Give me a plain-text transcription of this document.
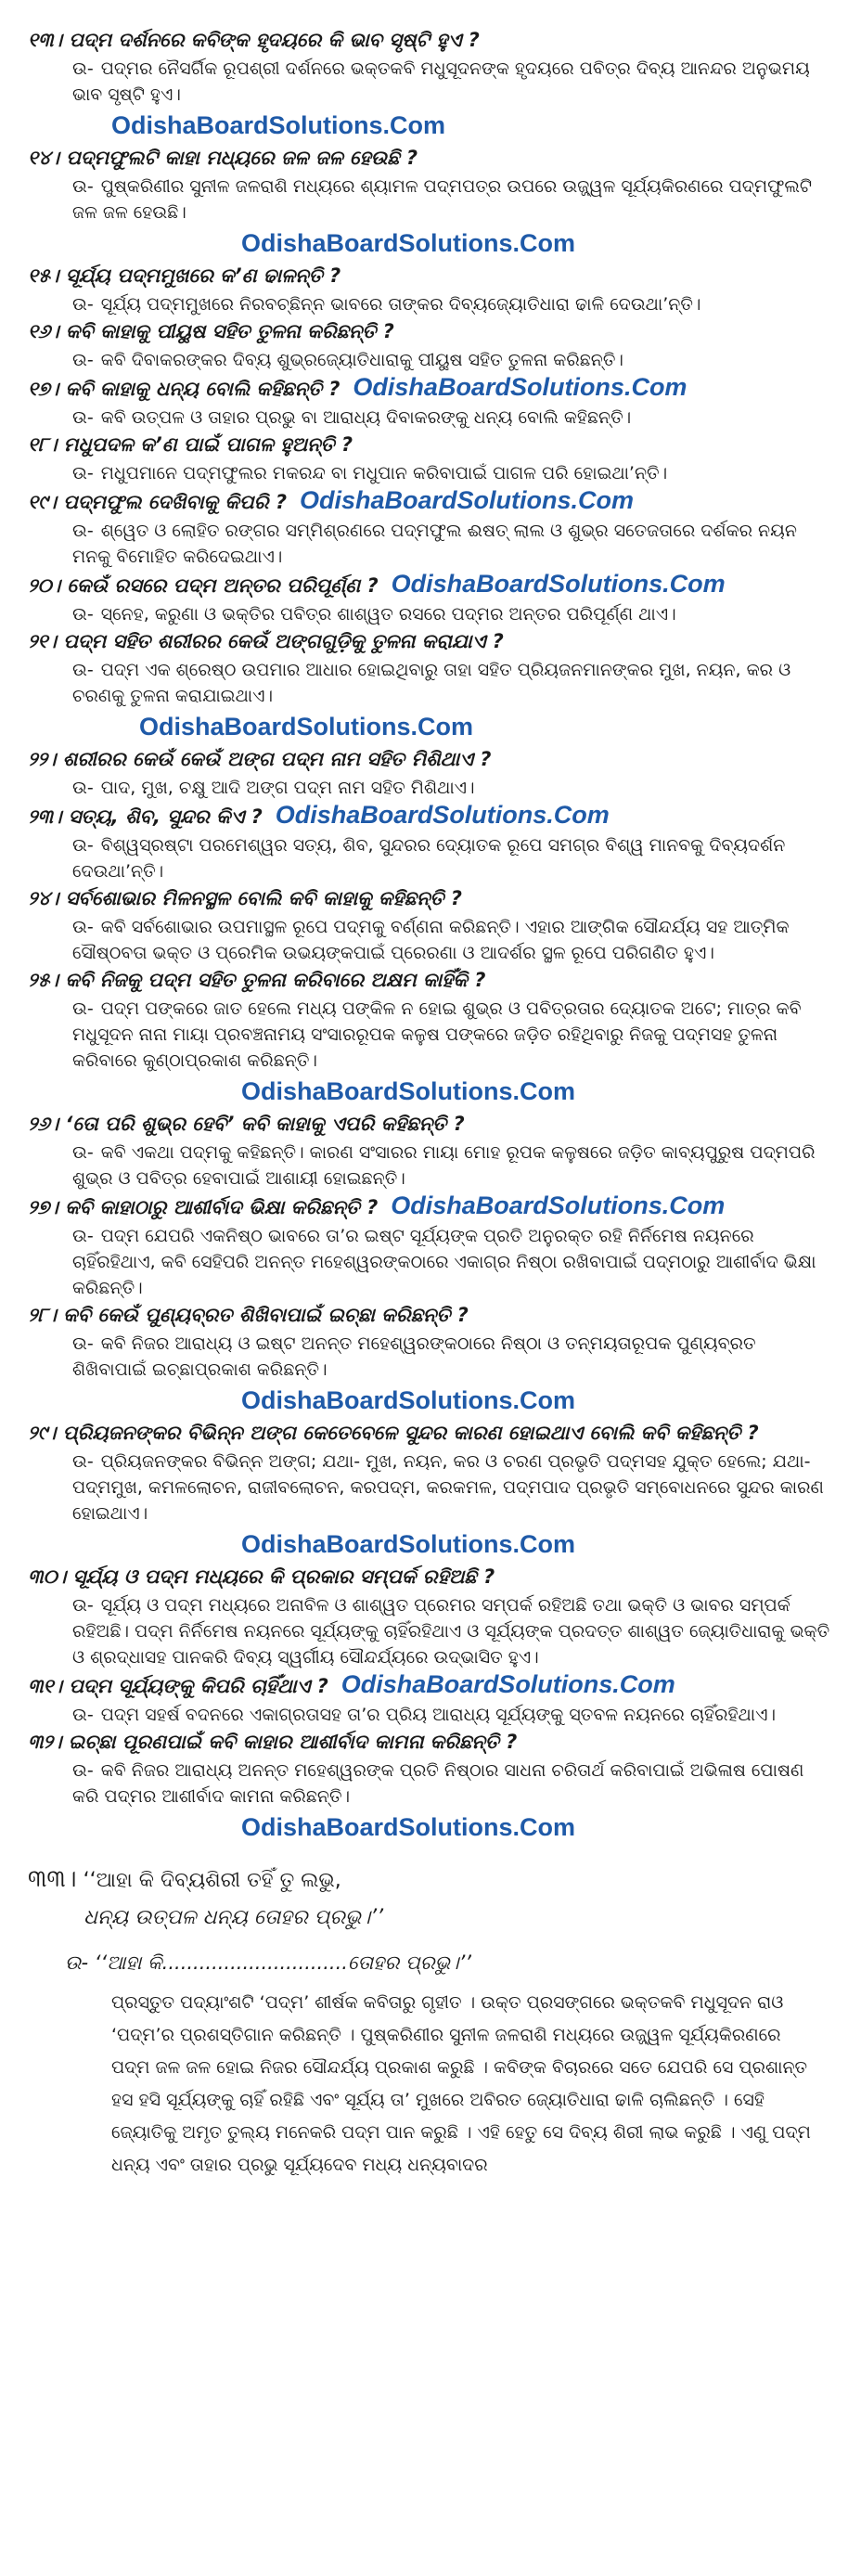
୧୩। ପଦ୍ମ ଦର୍ଶନରେ କବିଙ୍କ ହୃଦୟରେ କି ଭାବ ସୃଷ୍ଟି ହୁଏ ?
ଉ- ପଦ୍ମର ନୈସର୍ଗିକ ରୂପଶ୍ରୀ ଦର୍ଶନରେ ଭକ୍ତକବି ମଧୁସୂଦନଙ୍କ ହୃଦୟରେ ପବିତ୍ର ଦିବ୍ୟ ଆନନ୍ଦର ଅନୁଭମୟ ଭାବ ସୃଷ୍ଟି ହୁଏ।
OdishaBoardSolutions.Com
୧୪। ପଦ୍ମଫୁଲଟି କାହା ମଧ୍ୟରେ ଜଳ ଜଳ ହେଉଛି ?
ଉ- ପୁଷ୍କରିଣୀର ସୁନୀଳ ଜଳରାଶି ମଧ୍ୟରେ ଶ୍ୟାମଳ ପଦ୍ମପତ୍ର ଉପରେ ଉଜ୍ଜ୍ୱଳ ସୂର୍ଯ୍ୟକିରଣରେ ପଦ୍ମଫୁଲଟି ଜଳ ଜଳ ହେଉଛି।
OdishaBoardSolutions.Com
୧୫। ସୂର୍ଯ୍ୟ ପଦ୍ମମୁଖରେ କ’ଣ ଢାଳନ୍ତି ?
ଉ- ସୂର୍ଯ୍ୟ ପଦ୍ମମୁଖରେ ନିରବଚ୍ଛିନ୍ନ ଭାବରେ ତାଙ୍କର ଦିବ୍ୟଜ୍ୟୋତିଧାରା ଢାଳି ଦେଉଥା’ନ୍ତି।
୧୬। କବି କାହାକୁ ପୀୟୁଷ ସହିତ ତୁଳନା କରିଛନ୍ତି ?
ଉ- କବି ଦିବାକରଙ୍କର ଦିବ୍ୟ ଶୁଭ୍ରଜ୍ୟୋତିଧାରାକୁ ପୀୟୁଷ ସହିତ ତୁଳନା କରିଛନ୍ତି।
୧୭। କବି କାହାକୁ ଧନ୍ୟ ବୋଲି କହିଛନ୍ତି ? OdishaBoardSolutions.Com
ଉ- କବି ଉତ୍ପଳ ଓ ତାହାର ପ୍ରଭୁ ବା ଆରାଧ୍ୟ ଦିବାକରଙ୍କୁ ଧନ୍ୟ ବୋଲି କହିଛନ୍ତି।
୧୮। ମଧୁପଦଳ କ’ଣ ପାଇଁ ପାଗଳ ହୁଅନ୍ତି ?
ଉ- ମଧୁପମାନେ ପଦ୍ମଫୁଲର ମକରନ୍ଦ ବା ମଧୁପାନ କରିବାପାଇଁ ପାଗଳ ପରି ହୋଇଥା’ନ୍ତି।
୧୯। ପଦ୍ମଫୁଲ ଦେଖିବାକୁ କିପରି ? OdishaBoardSolutions.Com
ଉ- ଶ୍ୱେତ ଓ ଲୋହିତ ରଙ୍ଗର ସମ୍ମିଶ୍ରଣରେ ପଦ୍ମଫୁଲ ଈଷତ୍ ଲାଲ ଓ ଶୁଭ୍ର ସତେଜତାରେ ଦର୍ଶକର ନୟନ ମନକୁ ବିମୋହିତ କରିଦେଇଥାଏ।
୨୦। କେଉଁ ରସରେ ପଦ୍ମ ଅନ୍ତର ପରିପୂର୍ଣ୍ଣ ? OdishaBoardSolutions.Com
ଉ- ସ୍ନେହ, କରୁଣା ଓ ଭକ୍ତିର ପବିତ୍ର ଶାଶ୍ୱତ ରସରେ ପଦ୍ମର ଅନ୍ତର ପରିପୂର୍ଣ୍ଣ ଥାଏ।
୨୧। ପଦ୍ମ ସହିତ ଶରୀରର କେଉଁ ଅଙ୍ଗଗୁଡ଼ିକୁ ତୁଳନା କରାଯାଏ ?
ଉ- ପଦ୍ମ ଏକ ଶ୍ରେଷ୍ଠ ଉପମାର ଆଧାର ହୋଇଥିବାରୁ ତାହା ସହିତ ପ୍ରିୟଜନମାନଙ୍କର ମୁଖ, ନୟନ, କର ଓ ଚରଣକୁ ତୁଳନା କରାଯାଇଥାଏ।
OdishaBoardSolutions.Com
୨୨। ଶରୀରର କେଉଁ କେଉଁ ଅଙ୍ଗ ପଦ୍ମ ନାମ ସହିତ ମିଶିଥାଏ ?
ଉ- ପାଦ, ମୁଖ, ଚକ୍ଷୁ ଆଦି ଅଙ୍ଗ ପଦ୍ମ ନାମ ସହିତ ମିଶିଥାଏ।
୨୩। ସତ୍ୟ, ଶିବ, ସୁନ୍ଦର କିଏ ? OdishaBoardSolutions.Com
ଉ- ବିଶ୍ୱସ୍ରଷ୍ଟା ପରମେଶ୍ୱର ସତ୍ୟ, ଶିବ, ସୁନ୍ଦରର ଦ୍ୟୋତକ ରୂପେ ସମଗ୍ର ବିଶ୍ୱ ମାନବକୁ ଦିବ୍ୟଦର୍ଶନ ଦେଉଥା’ନ୍ତି।
୨୪। ସର୍ବଶୋଭାର ମିଳନସ୍ଥଳ ବୋଲି କବି କାହାକୁ କହିଛନ୍ତି ?
ଉ- କବି ସର୍ବଶୋଭାର ଉପମାସ୍ଥଳ ରୂପେ ପଦ୍ମକୁ ବର୍ଣ୍ଣନା କରିଛନ୍ତି। ଏହାର ଆଙ୍ଗିକ ସୌନ୍ଦର୍ଯ୍ୟ ସହ ଆତ୍ମିକ ସୌଷ୍ଠବତା ଭକ୍ତ ଓ ପ୍ରେମିକ ଉଭୟଙ୍କପାଇଁ ପ୍ରେରଣା ଓ ଆଦର୍ଶର ସ୍ଥଳ ରୂପେ ପରିଗଣିତ ହୁଏ।
୨୫। କବି ନିଜକୁ ପଦ୍ମ ସହିତ ତୁଳନା କରିବାରେ ଅକ୍ଷମ କାହିଁକି ?
ଉ- ପଦ୍ମ ପଙ୍କରେ ଜାତ ହେଲେ ମଧ୍ୟ ପଙ୍କିଳ ନ ହୋଇ ଶୁଭ୍ର ଓ ପବିତ୍ରତାର ଦ୍ୟୋତକ ଅଟେ; ମାତ୍ର କବି ମଧୁସୂଦନ ନାନା ମାୟା ପ୍ରବଞ୍ଚନାମୟ ସଂସାରରୂପକ କଳୁଷ ପଙ୍କରେ ଜଡ଼ିତ ରହିଥିବାରୁ ନିଜକୁ ପଦ୍ମସହ ତୁଳନା କରିବାରେ କୁଣ୍ଠାପ୍ରକାଶ କରିଛନ୍ତି।
OdishaBoardSolutions.Com
୨୬। ‘ତୋ ପରି ଶୁଭ୍ର ହେବି’ କବି କାହାକୁ ଏପରି କହିଛନ୍ତି ?
ଉ- କବି ଏକଥା ପଦ୍ମକୁ କହିଛନ୍ତି। କାରଣ ସଂସାରର ମାୟା ମୋହ ରୂପକ କଳୁଷରେ ଜଡ଼ିତ କାବ୍ୟପୁରୁଷ ପଦ୍ମପରି ଶୁଭ୍ର ଓ ପବିତ୍ର ହେବାପାଇଁ ଆଶାୟୀ ହୋଇଛନ୍ତି।
୨୭। କବି କାହାଠାରୁ ଆଶୀର୍ବାଦ ଭିକ୍ଷା କରିଛନ୍ତି ? OdishaBoardSolutions.Com
ଉ- ପଦ୍ମ ଯେପରି ଏକନିଷ୍ଠ ଭାବରେ ତା’ର ଇଷ୍ଟ ସୂର୍ଯ୍ୟଙ୍କ ପ୍ରତି ଅନୁରକ୍ତ ରହି ନିର୍ନିମେଷ ନୟନରେ ଚାହିଁରହିଥାଏ, କବି ସେହିପରି ଅନନ୍ତ ମହେଶ୍ୱରଙ୍କଠାରେ ଏକାଗ୍ର ନିଷ୍ଠା ରଖିବାପାଇଁ ପଦ୍ମଠାରୁ ଆଶୀର୍ବାଦ ଭିକ୍ଷା କରିଛନ୍ତି।
୨୮। କବି କେଉଁ ପୁଣ୍ୟବ୍ରତ ଶିଖିବାପାଇଁ ଇଚ୍ଛା କରିଛନ୍ତି ?
ଉ- କବି ନିଜର ଆରାଧ୍ୟ ଓ ଇଷ୍ଟ ଅନନ୍ତ ମହେଶ୍ୱରଙ୍କଠାରେ ନିଷ୍ଠା ଓ ତନ୍ମୟତାରୂପକ ପୁଣ୍ୟବ୍ରତ ଶିଖିବାପାଇଁ ଇଚ୍ଛାପ୍ରକାଶ କରିଛନ୍ତି।
OdishaBoardSolutions.Com
୨୯। ପ୍ରିୟଜନଙ୍କର ବିଭିନ୍ନ ଅଙ୍ଗ କେତେବେଳେ ସୁନ୍ଦର କାରଣ ହୋଇଥାଏ ବୋଲି କବି କହିଛନ୍ତି ?
ଉ- ପ୍ରିୟଜନଙ୍କର ବିଭିନ୍ନ ଅଙ୍ଗ; ଯଥା- ମୁଖ, ନୟନ, କର ଓ ଚରଣ ପ୍ରଭୃତି ପଦ୍ମସହ ଯୁକ୍ତ ହେଲେ; ଯଥା- ପଦ୍ମମୁଖ, କମଳଲୋଚନ, ରାଜୀବଲୋଚନ, କରପଦ୍ମ, କରକମଳ, ପଦ୍ମପାଦ ପ୍ରଭୃତି ସମ୍ବୋଧନରେ ସୁନ୍ଦର କାରଣ ହୋଇଥାଏ।
OdishaBoardSolutions.Com
୩୦। ସୂର୍ଯ୍ୟ ଓ ପଦ୍ମ ମଧ୍ୟରେ କି ପ୍ରକାର ସମ୍ପର୍କ ରହିଅଛି ?
ଉ- ସୂର୍ଯ୍ୟ ଓ ପଦ୍ମ ମଧ୍ୟରେ ଅନାବିଳ ଓ ଶାଶ୍ୱତ ପ୍ରେମର ସମ୍ପର୍କ ରହିଅଛି ତଥା ଭକ୍ତି ଓ ଭାବର ସମ୍ପର୍କ ରହିଅଛି। ପଦ୍ମ ନିର୍ନିମେଷ ନୟନରେ ସୂର୍ଯ୍ୟଙ୍କୁ ଚାହିଁରହିଥାଏ ଓ ସୂର୍ଯ୍ୟଙ୍କ ପ୍ରଦତ୍ତ ଶାଶ୍ୱତ ଜ୍ୟୋତିଧାରାକୁ ଭକ୍ତି ଓ ଶ୍ରଦ୍ଧାସହ ପାନକରି ଦିବ୍ୟ ସ୍ୱର୍ଗୀୟ ସୌନ୍ଦର୍ଯ୍ୟରେ ଉଦ୍ଭାସିତ ହୁଏ।
୩୧। ପଦ୍ମ ସୂର୍ଯ୍ୟଙ୍କୁ କିପରି ଚାହିଁଥାଏ ? OdishaBoardSolutions.Com
ଉ- ପଦ୍ମ ସହର୍ଷ ବଦନରେ ଏକାଗ୍ରତାସହ ତା’ର ପ୍ରିୟ ଆରାଧ୍ୟ ସୂର୍ଯ୍ୟଙ୍କୁ ସ୍ତବଳ ନୟନରେ ଚାହିଁରହିଥାଏ।
୩୨। ଇଚ୍ଛା ପୂରଣପାଇଁ କବି କାହାର ଆଶୀର୍ବାଦ କାମନା କରିଛନ୍ତି ?
ଉ- କବି ନିଜର ଆରାଧ୍ୟ ଅନନ୍ତ ମହେଶ୍ୱରଙ୍କ ପ୍ରତି ନିଷ୍ଠାର ସାଧନା ଚରିତାର୍ଥ କରିବାପାଇଁ ଅଭିଳାଷ ପୋଷଣ କରି ପଦ୍ମର ଆଶୀର୍ବାଦ କାମନା କରିଛନ୍ତି।
OdishaBoardSolutions.Com
୩୩। ‘‘ଆହା କି ଦିବ୍ୟଶିରୀ ତହିଁ ତୁ ଲଭୁ,
ଧନ୍ୟ ଉତ୍ପଳ ଧନ୍ୟ ତୋହର ପ୍ରଭୁ।’’
ଉ- ‘‘ଆହା କି..............................ତୋହର ପ୍ରଭୁ।’’
ପ୍ରସ୍ତୁତ ପଦ୍ୟାଂଶଟି ‘ପଦ୍ମ’ ଶୀର୍ଷକ କବିତାରୁ ଗୃହୀତ । ଉକ୍ତ ପ୍ରସଙ୍ଗରେ ଭକ୍ତକବି ମଧୁସୂଦନ ରାଓ ‘ପଦ୍ମ’ର ପ୍ରଶସ୍ତିଗାନ କରିଛନ୍ତି । ପୁଷ୍କରିଣୀର ସୁନୀଳ ଜଳରାଶି ମଧ୍ୟରେ ଉଜ୍ଜ୍ୱଳ ସୂର୍ଯ୍ୟକିରଣରେ ପଦ୍ମ ଜଳ ଜଳ ହୋଇ ନିଜର ସୌନ୍ଦର୍ଯ୍ୟ ପ୍ରକାଶ କରୁଛି । କବିଙ୍କ ବିଚାରରେ ସତେ ଯେପରି ସେ ପ୍ରଶାନ୍ତ ହସ ହସି ସୂର୍ଯ୍ୟଙ୍କୁ ଚାହିଁ ରହିଛି ଏବଂ ସୂର୍ଯ୍ୟ ତା’ ମୁଖରେ ଅବିରତ ଜ୍ୟୋତିଧାରା ଢାଳି ଚାଲିଛନ୍ତି । ସେହି ଜ୍ୟୋତିକୁ ଅମୃତ ତୁଲ୍ୟ ମନେକରି ପଦ୍ମ ପାନ କରୁଛି । ଏହି ହେତୁ ସେ ଦିବ୍ୟ ଶିରୀ ଲାଭ କରୁଛି । ଏଣୁ ପଦ୍ମ ଧନ୍ୟ ଏବଂ ତାହାର ପ୍ରଭୁ ସୂର୍ଯ୍ୟଦେବ ମଧ୍ୟ ଧନ୍ୟବାଦର
